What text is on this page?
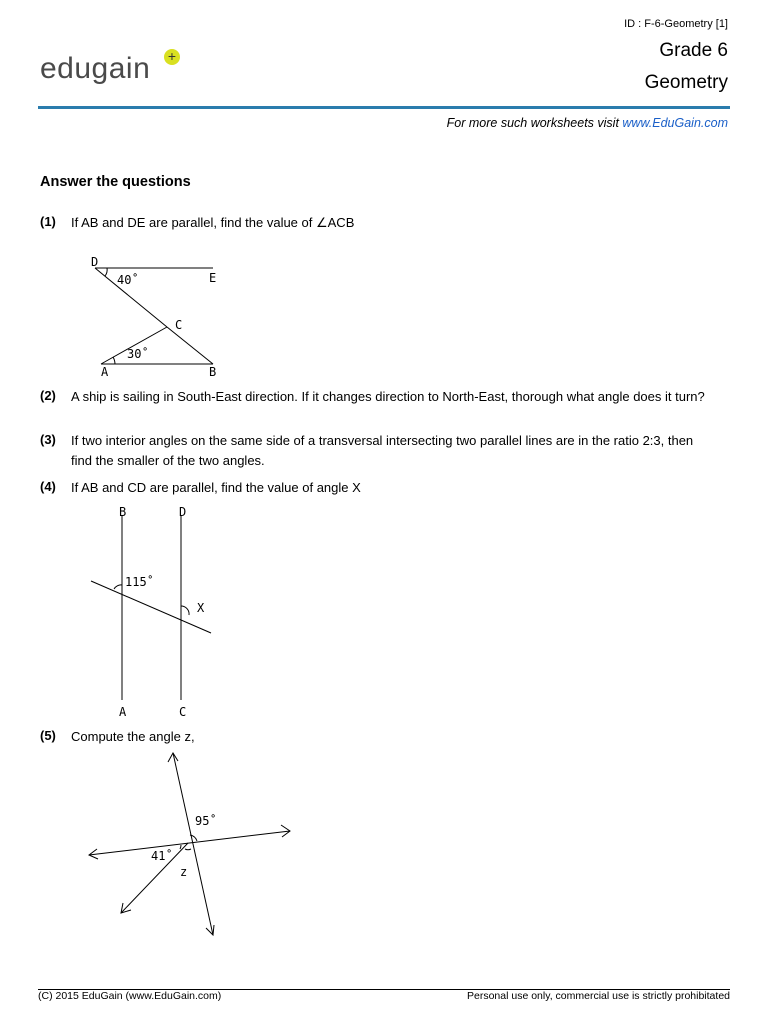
ID : F-6-Geometry [1]
Grade 6
Geometry
edugain +
For more such worksheets visit www.EduGain.com
Answer the questions
(1) If AB and DE are parallel, find the value of ∠ACB
D
E
C
A	B
40˚
30˚
(2) A ship is sailing in South-East direction. If it changes direction to North-East, thorough what angle does it turn?
(3) If two interior angles on the same side of a transversal intersecting two parallel lines are in the ratio 2:3, then find the smaller of the two angles.
(4) If AB and CD are parallel, find the value of angle X
B	D
A	C
115˚
X
(5) Compute the angle z,
95˚
41˚
z
(C) 2015 EduGain (www.EduGain.com)	Personal use only, commercial use is strictly prohibitated
